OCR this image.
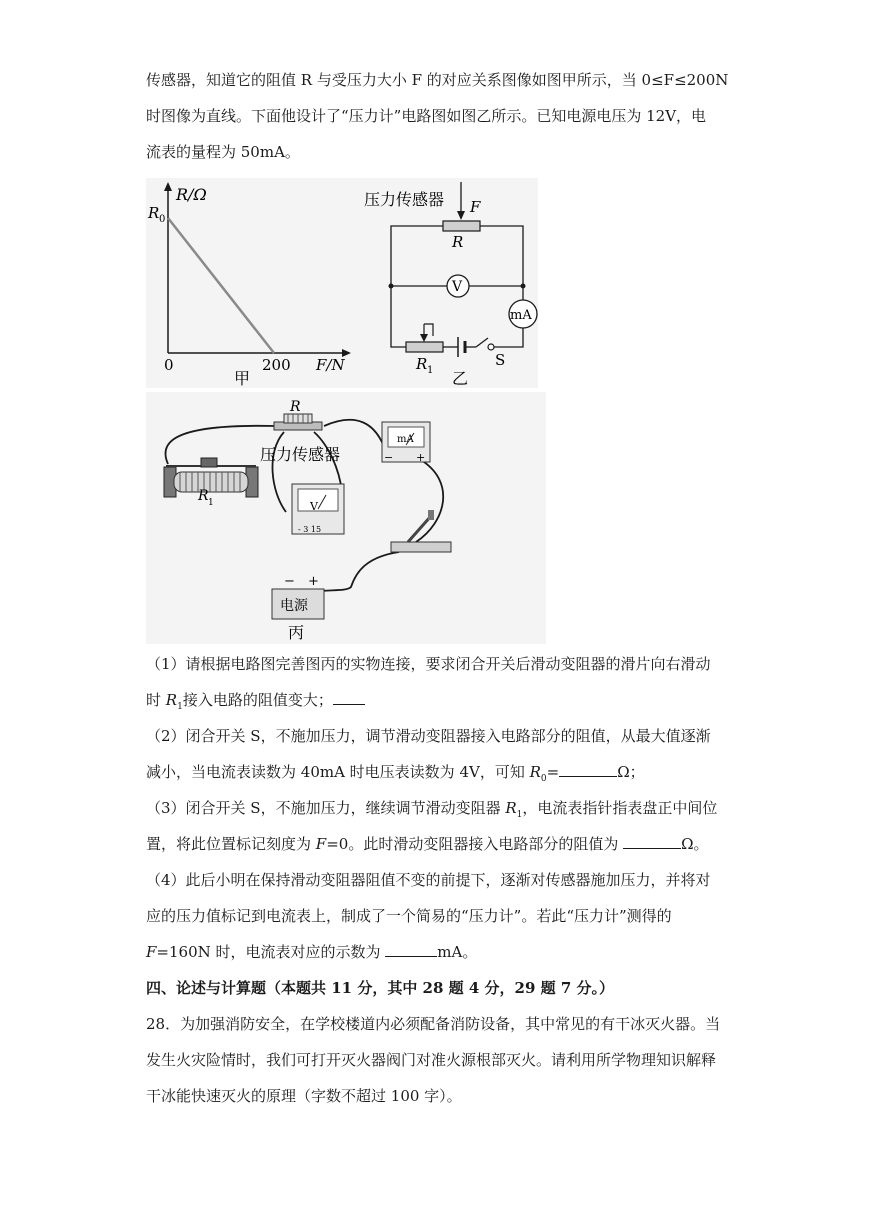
传感器，知道它的阻值 R 与受压力大小 F 的对应关系图像如图甲所示，当 0≤F≤200N
时图像为直线。下面他设计了“压力计”电路图如图乙所示。已知电源电压为 12V，电
流表的量程为 50mA。
R/Ω
R 0
0	200 F/N
甲
压力传感器 F
R
V
mA
R 1
S
乙
R
压力传感器
R 1
mA
− +
V
- 3 15
电源
− +
丙
（1）请根据电路图完善图丙的实物连接，要求闭合开关后滑动变阻器的滑片向右滑动
时 $R_1$接入电路的阻值变大；
（2）闭合开关 S，不施加压力，调节滑动变阻器接入电路部分的阻值，从最大值逐渐
减小，当电流表读数为 40mA 时电压表读数为 4V，可知 $R_0=$	Ω；
（3）闭合开关 S，不施加压力，继续调节滑动变阻器 $R_1$，电流表指针指表盘正中间位
置，将此位置标记刻度为 F=0。此时滑动变阻器接入电路部分的阻值为	Ω。
（4）此后小明在保持滑动变阻器阻值不变的前提下，逐渐对传感器施加压力，并将对
应的压力值标记到电流表上，制成了一个简易的“压力计”。若此“压力计”测得的
F=160N 时，电流表对应的示数为	mA。
四、论述与计算题（本题共 11 分，其中 28 题 4 分，29 题 7 分。）
28．为加强消防安全，在学校楼道内必须配备消防设备，其中常见的有干冰灭火器。当
发生火灾险情时，我们可打开灭火器阀门对准火源根部灭火。请利用所学物理知识解释
干冰能快速灭火的原理（字数不超过 100 字）。
